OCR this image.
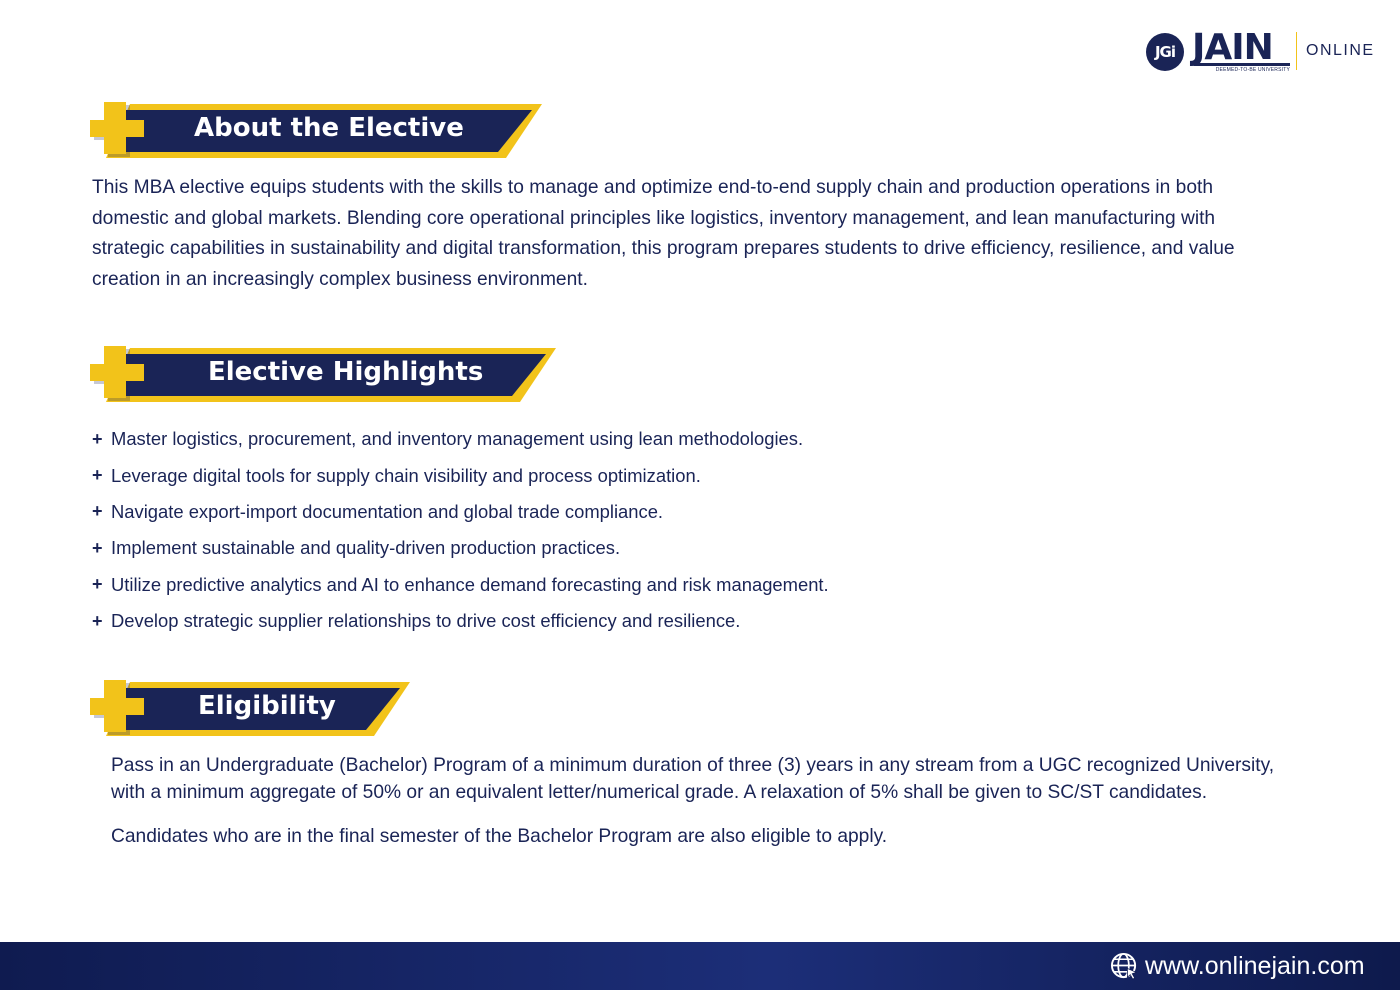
JGi JAIN
DEEMED-TO-BE UNIVERSITY
ONLINE
About the Elective

This MBA elective equips students with the skills to manage and optimize end-to-end supply chain and production operations in both domestic and global markets. Blending core operational principles like logistics, inventory management, and lean manufacturing with strategic capabilities in sustainability and digital transformation, this program prepares students to drive efficiency, resilience, and value creation in an increasingly complex business environment.

Elective Highlights
+ Master logistics, procurement, and inventory management using lean methodologies.
+ Leverage digital tools for supply chain visibility and process optimization.
+ Navigate export-import documentation and global trade compliance.
+ Implement sustainable and quality-driven production practices.
+ Utilize predictive analytics and AI to enhance demand forecasting and risk management.
+ Develop strategic supplier relationships to drive cost efficiency and resilience.
Eligibility

Pass in an Undergraduate (Bachelor) Program of a minimum duration of three (3) years in any stream from a UGC recognized University, with a minimum aggregate of 50% or an equivalent letter/numerical grade. A relaxation of 5% shall be given to SC/ST candidates.

Candidates who are in the final semester of the Bachelor Program are also eligible to apply.

www.onlinejain.com
